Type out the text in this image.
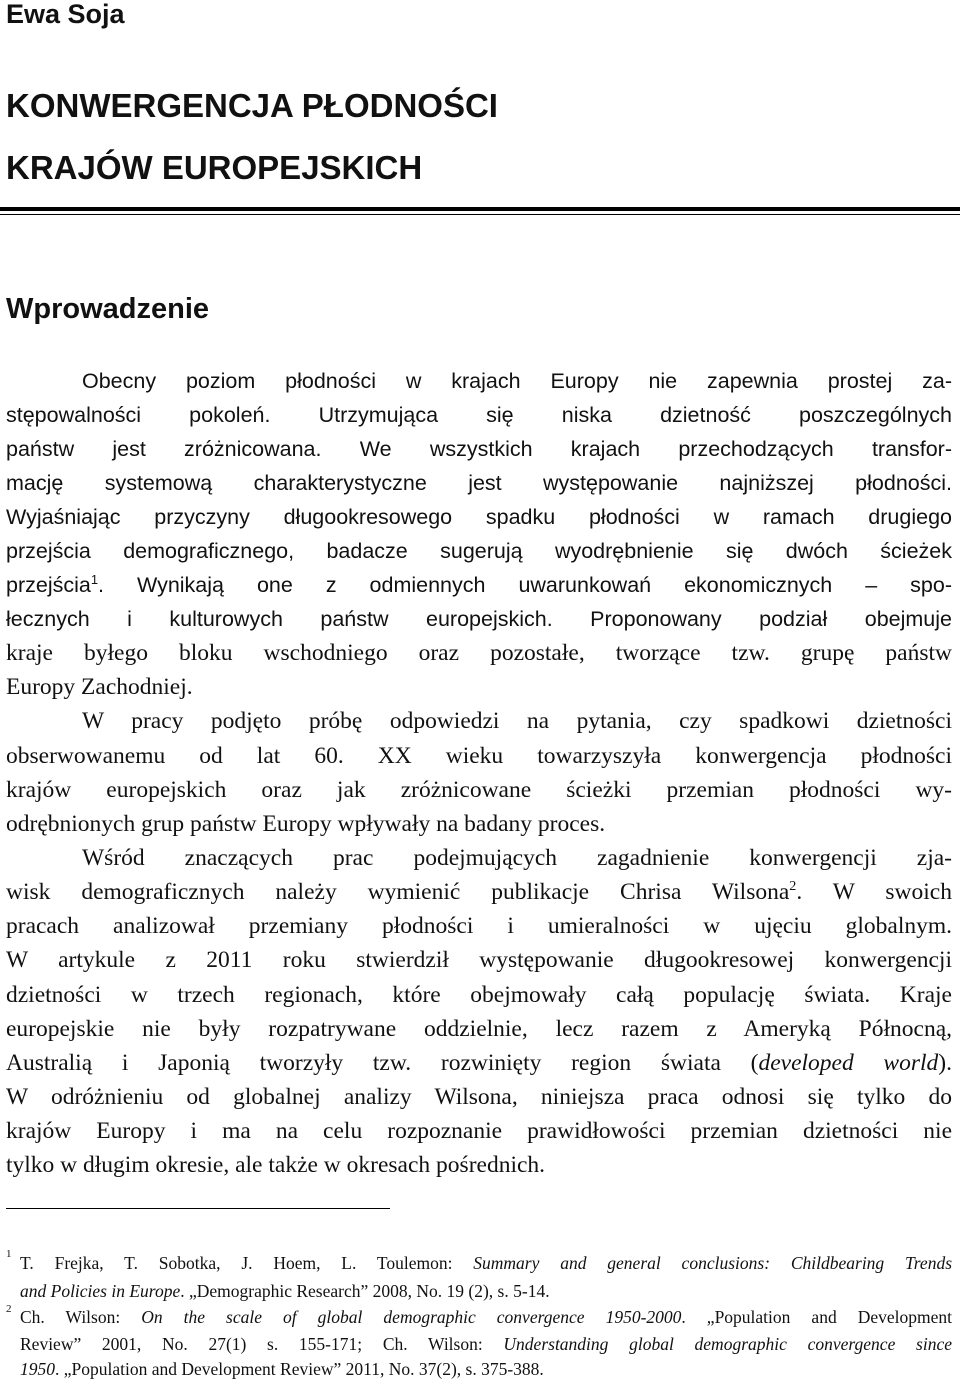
Ewa Soja
KONWERGENCJA PŁODNOŚCI
KRAJÓW EUROPEJSKICH
Wprowadzenie
Obecny poziom płodności w krajach Europy nie zapewnia prostej za-
stępowalności pokoleń. Utrzymująca się niska dzietność poszczególnych
państw jest zróżnicowana. We wszystkich krajach przechodzących transfor-
mację systemową charakterystyczne jest występowanie najniższej płodności.
Wyjaśniając przyczyny długookresowego spadku płodności w ramach drugiego
przejścia demograficznego, badacze sugerują wyodrębnienie się dwóch ścieżek
przejścia$^1$. Wynikają one z odmiennych uwarunkowań ekonomicznych – spo-
łecznych i kulturowych państw europejskich. Proponowany podział obejmuje
kraje byłego bloku wschodniego oraz pozostałe, tworzące tzw. grupę państw
Europy Zachodniej.
W pracy podjęto próbę odpowiedzi na pytania, czy spadkowi dzietności
obserwowanemu od lat 60. XX wieku towarzyszyła konwergencja płodności
krajów europejskich oraz jak zróżnicowane ścieżki przemian płodności wy-
odrębnionych grup państw Europy wpływały na badany proces.
Wśród znaczących prac podejmujących zagadnienie konwergencji zja-
wisk demograficznych należy wymienić publikacje Chrisa Wilsona$^2$. W swoich
pracach analizował przemiany płodności i umieralności w ujęciu globalnym.
W artykule z 2011 roku stwierdził występowanie długookresowej konwergencji
dzietności w trzech regionach, które obejmowały całą populację świata. Kraje
europejskie nie były rozpatrywane oddzielnie, lecz razem z Ameryką Północną,
Australią i Japonią tworzyły tzw. rozwinięty region świata (developed world).
W odróżnieniu od globalnej analizy Wilsona, niniejsza praca odnosi się tylko do
krajów Europy i ma na celu rozpoznanie prawidłowości przemian dzietności nie
tylko w długim okresie, ale także w okresach pośrednich.
1 T. Frejka, T. Sobotka, J. Hoem, L. Toulemon: Summary and general conclusions: Childbearing Trends
and Policies in Europe. „Demographic Research” 2008, No. 19 (2), s. 5-14.
2 Ch. Wilson: On the scale of global demographic convergence 1950-2000. „Population and Development
Review” 2001, No. 27(1) s. 155-171; Ch. Wilson: Understanding global demographic convergence since
1950. „Population and Development Review” 2011, No. 37(2), s. 375-388.
